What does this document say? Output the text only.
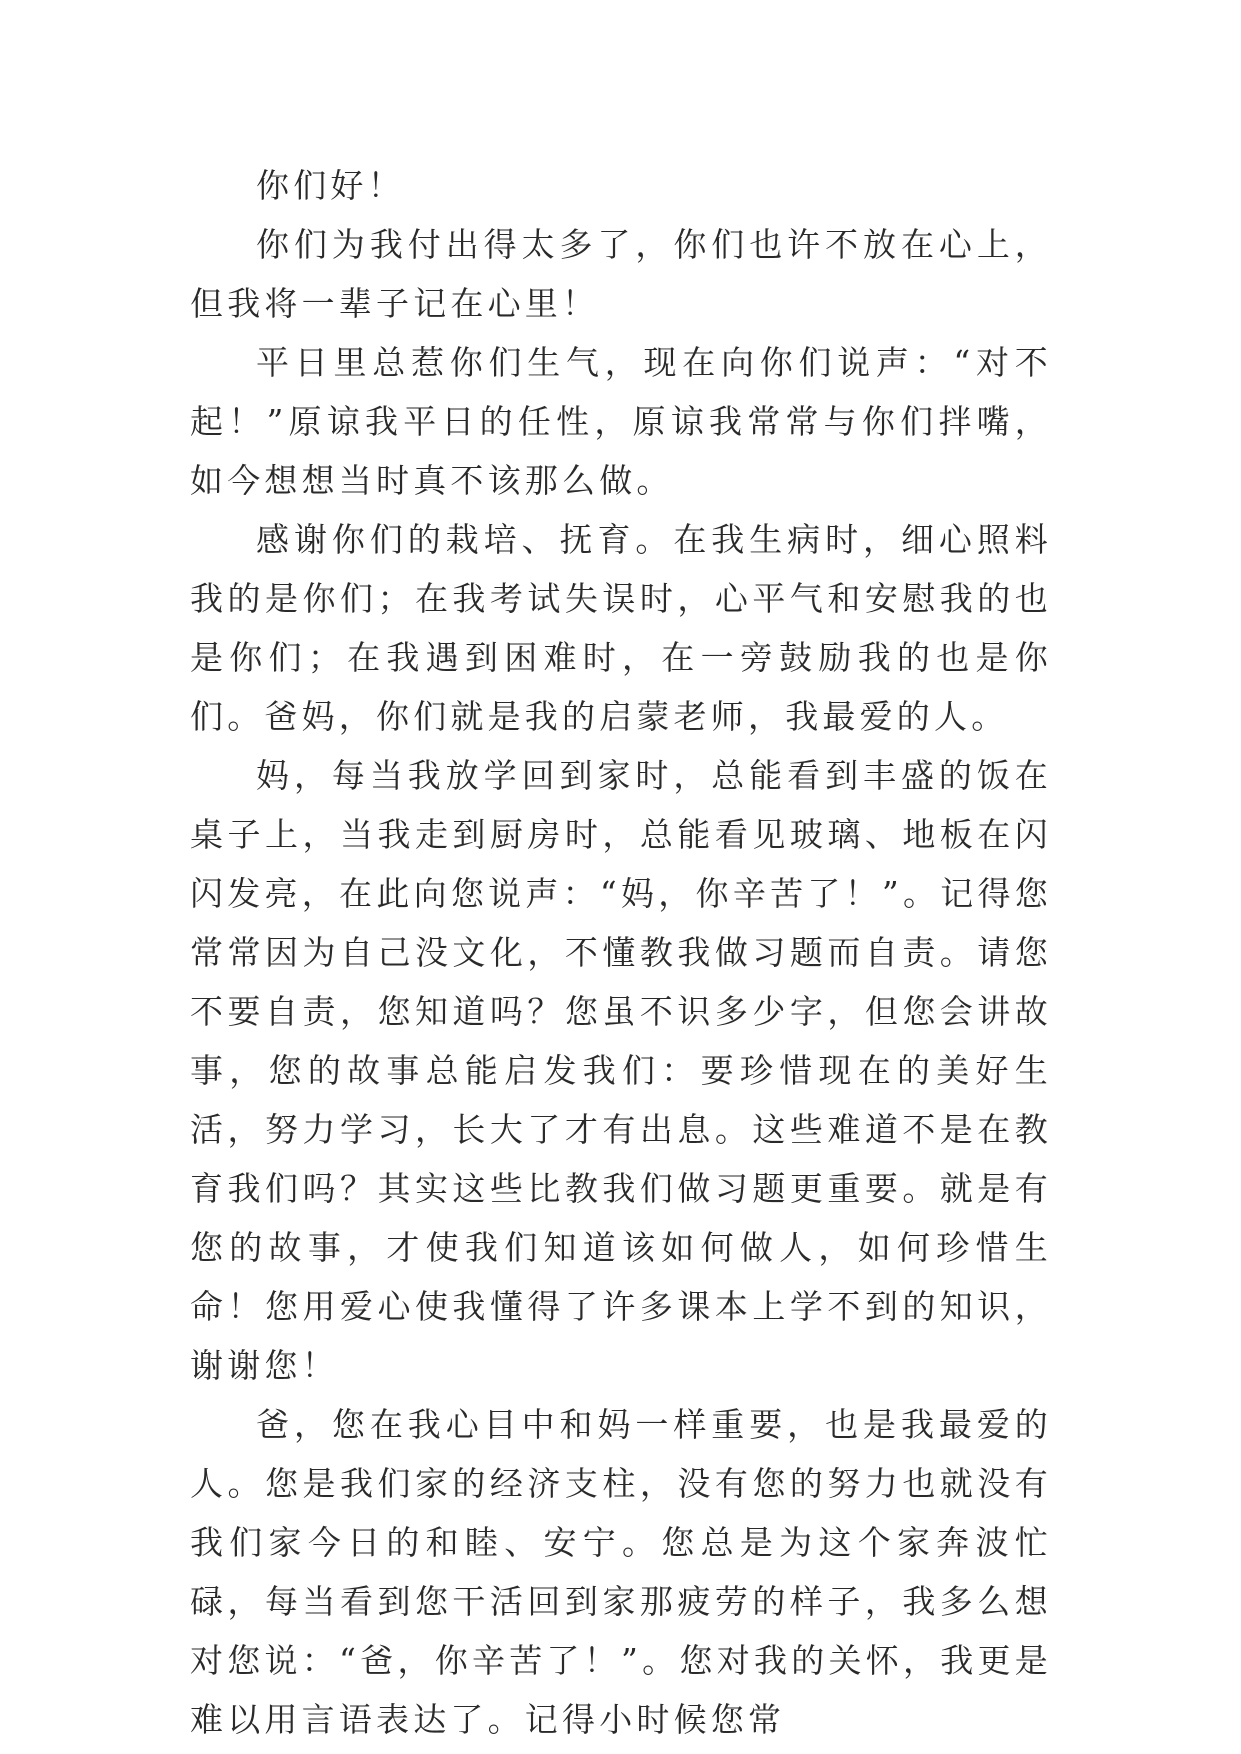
你们好！

你们为我付出得太多了，你们也许不放在心上，但我将一辈子记在心里！

平日里总惹你们生气，现在向你们说声：“对不起！”原谅我平日的任性，原谅我常常与你们拌嘴，如今想想当时真不该那么做。

感谢你们的栽培、抚育。在我生病时，细心照料我的是你们；在我考试失误时，心平气和安慰我的也是你们；在我遇到困难时，在一旁鼓励我的也是你们。爸妈，你们就是我的启蒙老师，我最爱的人。

妈，每当我放学回到家时，总能看到丰盛的饭在桌子上，当我走到厨房时，总能看见玻璃、地板在闪闪发亮，在此向您说声：“妈，你辛苦了！”。记得您常常因为自己没文化，不懂教我做习题而自责。请您不要自责，您知道吗？您虽不识多少字，但您会讲故事，您的故事总能启发我们：要珍惜现在的美好生活，努力学习，长大了才有出息。这些难道不是在教育我们吗？其实这些比教我们做习题更重要。就是有您的故事，才使我们知道该如何做人，如何珍惜生命！您用爱心使我懂得了许多课本上学不到的知识，谢谢您！

爸，您在我心目中和妈一样重要，也是我最爱的人。您是我们家的经济支柱，没有您的努力也就没有我们家今日的和睦、安宁。您总是为这个家奔波忙碌，每当看到您干活回到家那疲劳的样子，我多么想对您说：“爸，你辛苦了！”。您对我的关怀，我更是难以用言语表达了。记得小时候您常
